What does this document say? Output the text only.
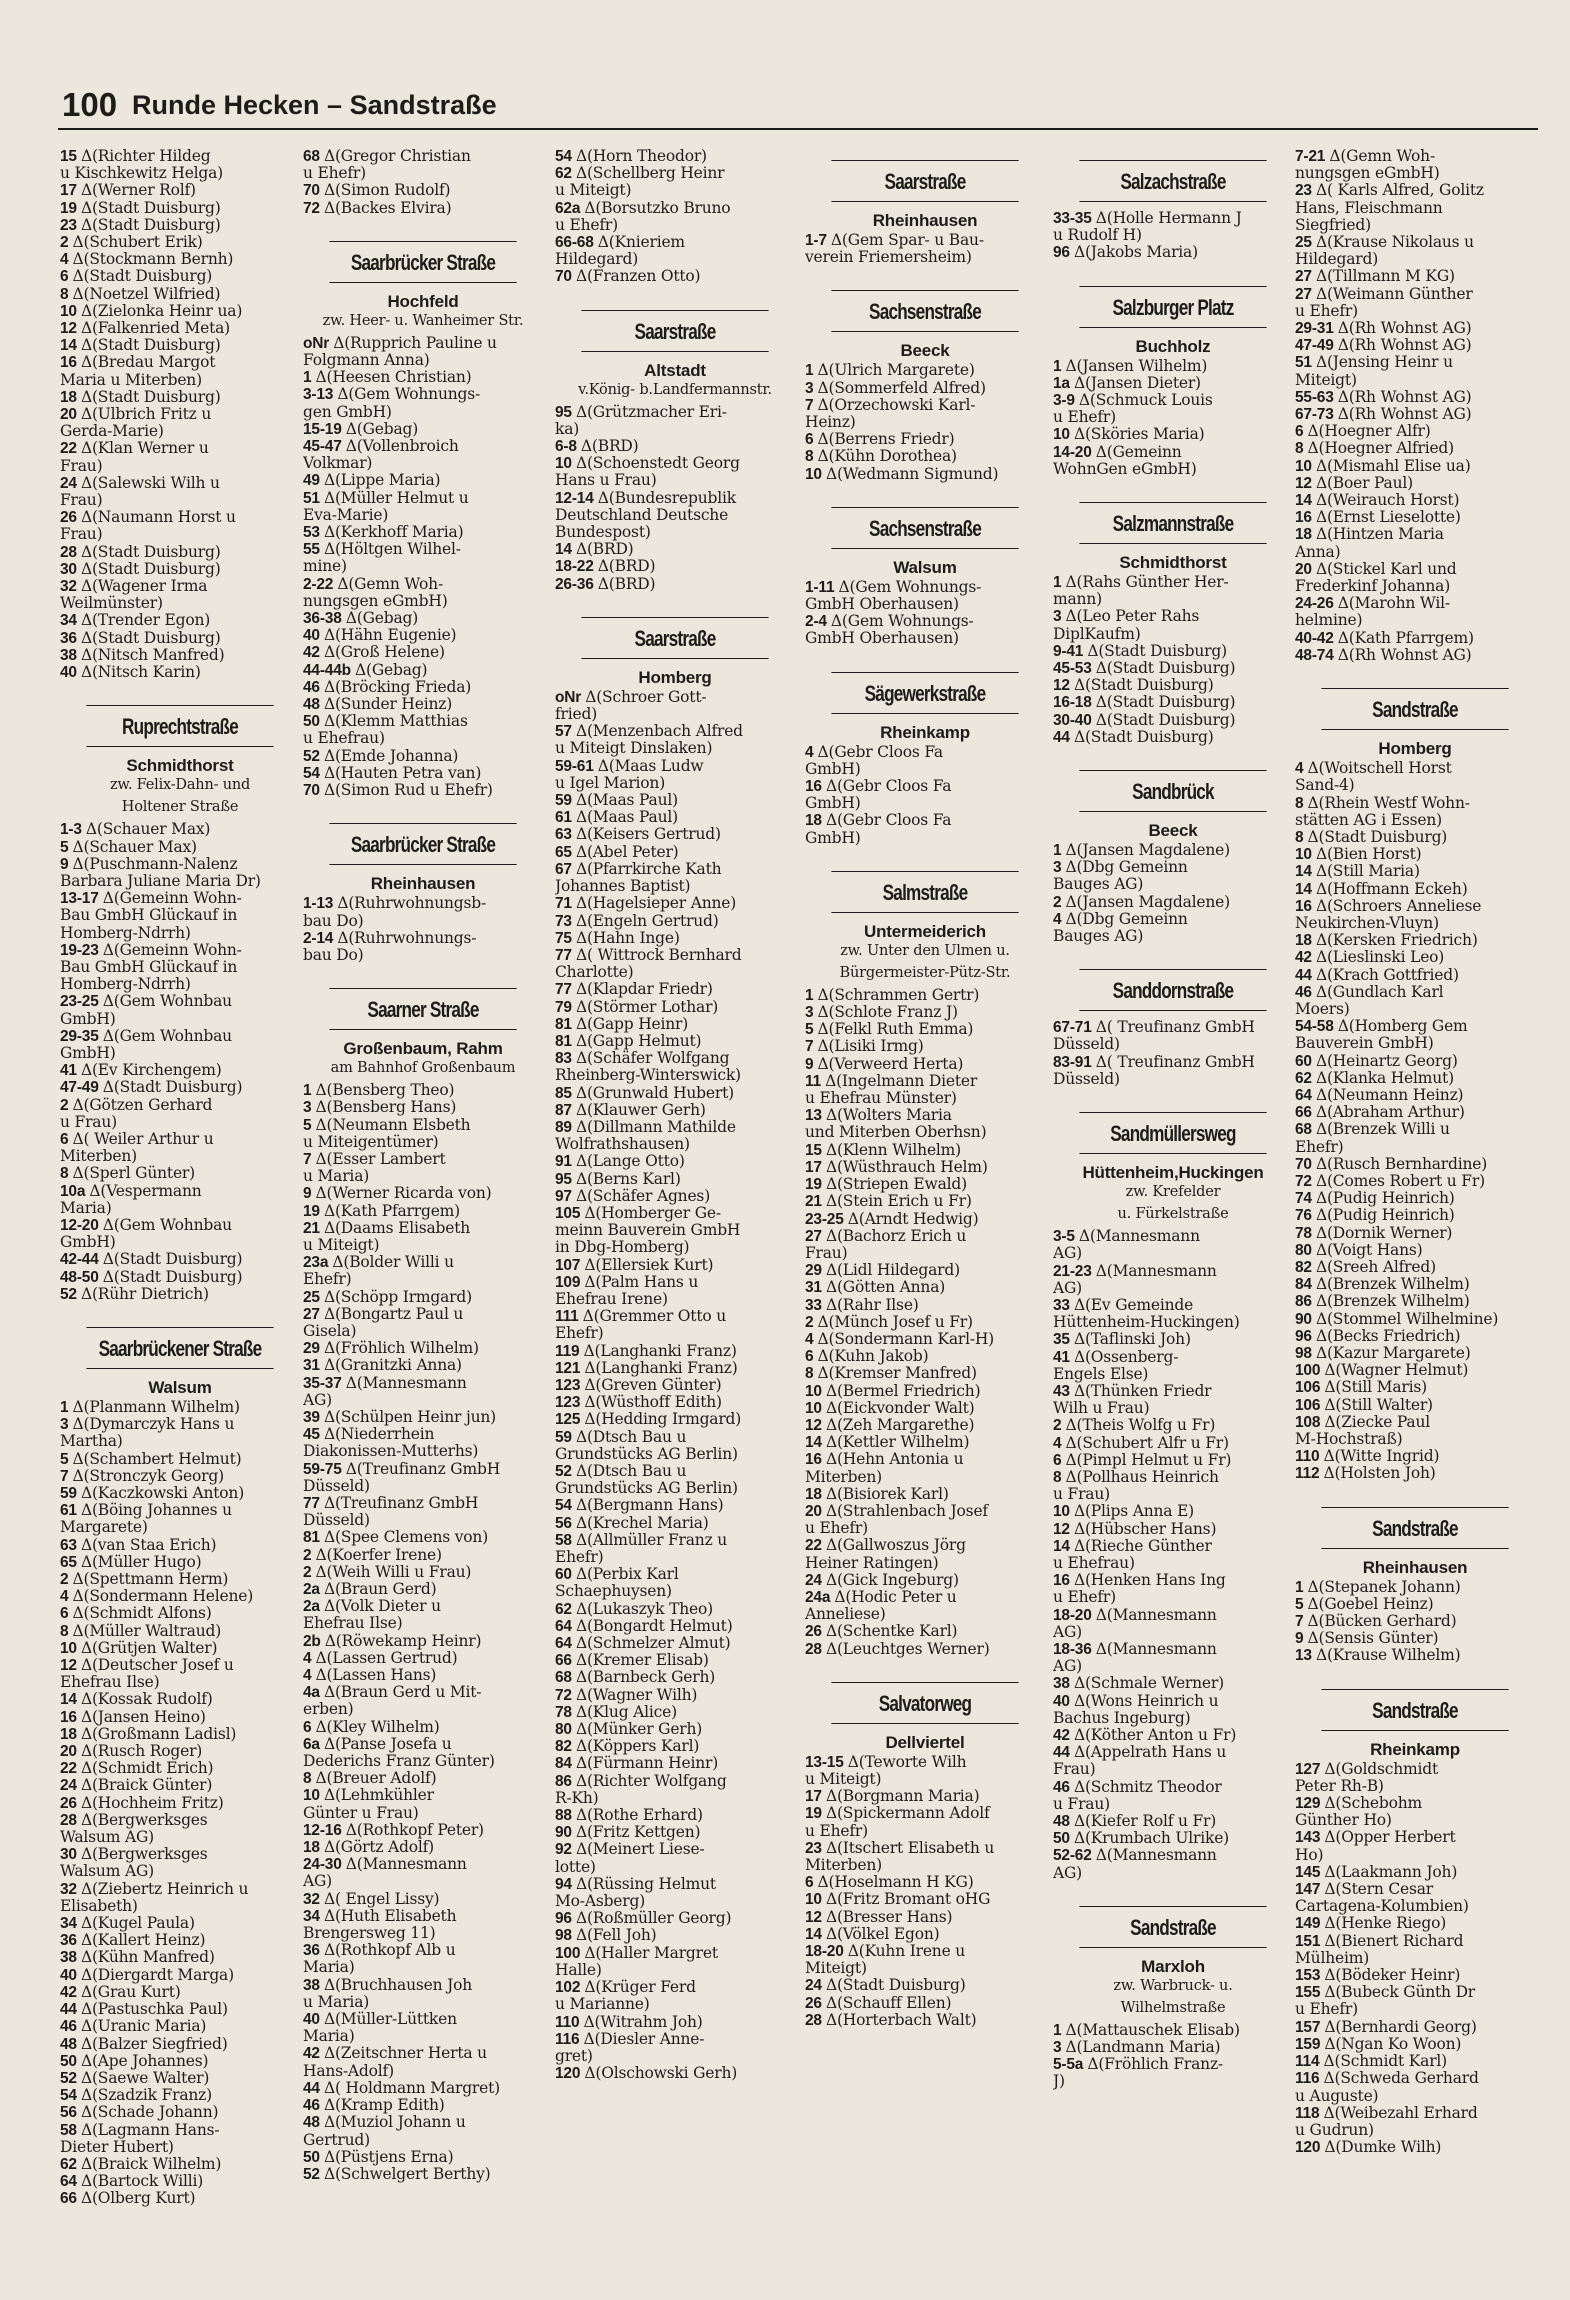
100 Runde Hecken – Sandstraße
15 Δ(Richter Hildeg
u Kischkewitz Helga)
17 Δ(Werner Rolf)
19 Δ(Stadt Duisburg)
23 Δ(Stadt Duisburg)
2 Δ(Schubert Erik)
4 Δ(Stockmann Bernh)
6 Δ(Stadt Duisburg)
8 Δ(Noetzel Wilfried)
10 Δ(Zielonka Heinr ua)
12 Δ(Falkenried Meta)
14 Δ(Stadt Duisburg)
16 Δ(Bredau Margot
Maria u Miterben)
18 Δ(Stadt Duisburg)
20 Δ(Ulbrich Fritz u
Gerda-Marie)
22 Δ(Klan Werner u
Frau)
24 Δ(Salewski Wilh u
Frau)
26 Δ(Naumann Horst u
Frau)
28 Δ(Stadt Duisburg)
30 Δ(Stadt Duisburg)
32 Δ(Wagener Irma
Weilmünster)
34 Δ(Trender Egon)
36 Δ(Stadt Duisburg)
38 Δ(Nitsch Manfred)
40 Δ(Nitsch Karin)
Ruprechtstraße
Schmidthorst
zw. Felix-Dahn- und
Holtener Straße
1-3 Δ(Schauer Max)
5 Δ(Schauer Max)
9 Δ(Puschmann-Nalenz
Barbara Juliane Maria Dr)
13-17 Δ(Gemeinn Wohn-
Bau GmbH Glückauf in
Homberg-Ndrrh)
19-23 Δ(Gemeinn Wohn-
Bau GmbH Glückauf in
Homberg-Ndrrh)
23-25 Δ(Gem Wohnbau
GmbH)
29-35 Δ(Gem Wohnbau
GmbH)
41 Δ(Ev Kirchengem)
47-49 Δ(Stadt Duisburg)
2 Δ(Götzen Gerhard
u Frau)
6 Δ( Weiler Arthur u
Miterben)
8 Δ(Sperl Günter)
10a Δ(Vespermann
Maria)
12-20 Δ(Gem Wohnbau
GmbH)
42-44 Δ(Stadt Duisburg)
48-50 Δ(Stadt Duisburg)
52 Δ(Rühr Dietrich)
Saarbrückener Straße
Walsum
1 Δ(Planmann Wilhelm)
3 Δ(Dymarczyk Hans u
Martha)
5 Δ(Schambert Helmut)
7 Δ(Stronczyk Georg)
59 Δ(Kaczkowski Anton)
61 Δ(Böing Johannes u
Margarete)
63 Δ(van Staa Erich)
65 Δ(Müller Hugo)
2 Δ(Spettmann Herm)
4 Δ(Sondermann Helene)
6 Δ(Schmidt Alfons)
8 Δ(Müller Waltraud)
10 Δ(Grütjen Walter)
12 Δ(Deutscher Josef u
Ehefrau Ilse)
14 Δ(Kossak Rudolf)
16 Δ(Jansen Heino)
18 Δ(Großmann Ladisl)
20 Δ(Rusch Roger)
22 Δ(Schmidt Erich)
24 Δ(Braick Günter)
26 Δ(Hochheim Fritz)
28 Δ(Bergwerksges
Walsum AG)
30 Δ(Bergwerksges
Walsum AG)
32 Δ(Ziebertz Heinrich u
Elisabeth)
34 Δ(Kugel Paula)
36 Δ(Kallert Heinz)
38 Δ(Kühn Manfred)
40 Δ(Diergardt Marga)
42 Δ(Grau Kurt)
44 Δ(Pastuschka Paul)
46 Δ(Uranic Maria)
48 Δ(Balzer Siegfried)
50 Δ(Ape Johannes)
52 Δ(Saewe Walter)
54 Δ(Szadzik Franz)
56 Δ(Schade Johann)
58 Δ(Lagmann Hans-
Dieter Hubert)
62 Δ(Braick Wilhelm)
64 Δ(Bartock Willi)
66 Δ(Olberg Kurt)
68 Δ(Gregor Christian
u Ehefr)
70 Δ(Simon Rudolf)
72 Δ(Backes Elvira)
Saarbrücker Straße
Hochfeld
zw. Heer- u. Wanheimer Str.
oNr Δ(Rupprich Pauline u
Folgmann Anna)
1 Δ(Heesen Christian)
3-13 Δ(Gem Wohnungs-
gen GmbH)
15-19 Δ(Gebag)
45-47 Δ(Vollenbroich
Volkmar)
49 Δ(Lippe Maria)
51 Δ(Müller Helmut u
Eva-Marie)
53 Δ(Kerkhoff Maria)
55 Δ(Höltgen Wilhel-
mine)
2-22 Δ(Gemn Woh-
nungsgen eGmbH)
36-38 Δ(Gebag)
40 Δ(Hähn Eugenie)
42 Δ(Groß Helene)
44-44b Δ(Gebag)
46 Δ(Bröcking Frieda)
48 Δ(Sunder Heinz)
50 Δ(Klemm Matthias
u Ehefrau)
52 Δ(Emde Johanna)
54 Δ(Hauten Petra van)
70 Δ(Simon Rud u Ehefr)
Saarbrücker Straße
Rheinhausen
1-13 Δ(Ruhrwohnungsb-
bau Do)
2-14 Δ(Ruhrwohnungs-
bau Do)
Saarner Straße
Großenbaum, Rahm
am Bahnhof Großenbaum
1 Δ(Bensberg Theo)
3 Δ(Bensberg Hans)
5 Δ(Neumann Elsbeth
u Miteigentümer)
7 Δ(Esser Lambert
u Maria)
9 Δ(Werner Ricarda von)
19 Δ(Kath Pfarrgem)
21 Δ(Daams Elisabeth
u Miteigt)
23a Δ(Bolder Willi u
Ehefr)
25 Δ(Schöpp Irmgard)
27 Δ(Bongartz Paul u
Gisela)
29 Δ(Fröhlich Wilhelm)
31 Δ(Granitzki Anna)
35-37 Δ(Mannesmann
AG)
39 Δ(Schülpen Heinr jun)
45 Δ(Niederrhein
Diakonissen-Mutterhs)
59-75 Δ(Treufinanz GmbH
Düsseld)
77 Δ(Treufinanz GmbH
Düsseld)
81 Δ(Spee Clemens von)
2 Δ(Koerfer Irene)
2 Δ(Weih Willi u Frau)
2a Δ(Braun Gerd)
2a Δ(Volk Dieter u
Ehefrau Ilse)
2b Δ(Röwekamp Heinr)
4 Δ(Lassen Gertrud)
4 Δ(Lassen Hans)
4a Δ(Braun Gerd u Mit-
erben)
6 Δ(Kley Wilhelm)
6a Δ(Panse Josefa u
Dederichs Franz Günter)
8 Δ(Breuer Adolf)
10 Δ(Lehmkühler
Günter u Frau)
12-16 Δ(Rothkopf Peter)
18 Δ(Görtz Adolf)
24-30 Δ(Mannesmann
AG)
32 Δ( Engel Lissy)
34 Δ(Huth Elisabeth
Brengersweg 11)
36 Δ(Rothkopf Alb u
Maria)
38 Δ(Bruchhausen Joh
u Maria)
40 Δ(Müller-Lüttken
Maria)
42 Δ(Zeitschner Herta u
Hans-Adolf)
44 Δ( Holdmann Margret)
46 Δ(Kramp Edith)
48 Δ(Muziol Johann u
Gertrud)
50 Δ(Püstjens Erna)
52 Δ(Schwelgert Berthy)
54 Δ(Horn Theodor)
62 Δ(Schellberg Heinr
u Miteigt)
62a Δ(Borsutzko Bruno
u Ehefr)
66-68 Δ(Knieriem
Hildegard)
70 Δ(Franzen Otto)
Saarstraße
Altstadt
v.König- b.Landfermannstr.
95 Δ(Grützmacher Eri-
ka)
6-8 Δ(BRD)
10 Δ(Schoenstedt Georg
Hans u Frau)
12-14 Δ(Bundesrepublik
Deutschland Deutsche
Bundespost)
14 Δ(BRD)
18-22 Δ(BRD)
26-36 Δ(BRD)
Saarstraße
Homberg
oNr Δ(Schroer Gott-
fried)
57 Δ(Menzenbach Alfred
u Miteigt Dinslaken)
59-61 Δ(Maas Ludw
u Igel Marion)
59 Δ(Maas Paul)
61 Δ(Maas Paul)
63 Δ(Keisers Gertrud)
65 Δ(Abel Peter)
67 Δ(Pfarrkirche Kath
Johannes Baptist)
71 Δ(Hagelsieper Änne)
73 Δ(Engeln Gertrud)
75 Δ(Hahn Inge)
77 Δ( Wittrock Bernhard
Charlotte)
77 Δ(Klapdar Friedr)
79 Δ(Störmer Lothar)
81 Δ(Gapp Heinr)
81 Δ(Gapp Helmut)
83 Δ(Schäfer Wolfgang
Rheinberg-Winterswick)
85 Δ(Grunwald Hubert)
87 Δ(Klauwer Gerh)
89 Δ(Dillmann Mathilde
Wolfrathshausen)
91 Δ(Lange Otto)
95 Δ(Berns Karl)
97 Δ(Schäfer Agnes)
105 Δ(Homberger Ge-
meinn Bauverein GmbH
in Dbg-Homberg)
107 Δ(Ellersiek Kurt)
109 Δ(Palm Hans u
Ehefrau Irene)
111 Δ(Gremmer Otto u
Ehefr)
119 Δ(Langhanki Franz)
121 Δ(Langhanki Franz)
123 Δ(Greven Günter)
123 Δ(Wüsthoff Edith)
125 Δ(Hedding Irmgard)
59 Δ(Dtsch Bau u
Grundstücks AG Berlin)
52 Δ(Dtsch Bau u
Grundstücks AG Berlin)
54 Δ(Bergmann Hans)
56 Δ(Krechel Maria)
58 Δ(Allmüller Franz u
Ehefr)
60 Δ(Perbix Karl
Schaephuysen)
62 Δ(Lukaszyk Theo)
64 Δ(Bongardt Helmut)
64 Δ(Schmelzer Almut)
66 Δ(Kremer Elisab)
68 Δ(Barnbeck Gerh)
72 Δ(Wagner Wilh)
78 Δ(Klug Alice)
80 Δ(Münker Gerh)
82 Δ(Köppers Karl)
84 Δ(Fürmann Heinr)
86 Δ(Richter Wolfgang
R-Kh)
88 Δ(Rothe Erhard)
90 Δ(Fritz Kettgen)
92 Δ(Meinert Liese-
lotte)
94 Δ(Rüssing Helmut
Mo-Asberg)
96 Δ(Roßmüller Georg)
98 Δ(Fell Joh)
100 Δ(Haller Margret
Halle)
102 Δ(Krüger Ferd
u Marianne)
110 Δ(Witrahm Joh)
116 Δ(Diesler Anne-
gret)
120 Δ(Olschowski Gerh)
Saarstraße
Rheinhausen
1-7 Δ(Gem Spar- u Bau-
verein Friemersheim)
Sachsenstraße
Beeck
1 Δ(Ulrich Margarete)
3 Δ(Sommerfeld Alfred)
7 Δ(Orzechowski Karl-
Heinz)
6 Δ(Berrens Friedr)
8 Δ(Kühn Dorothea)
10 Δ(Wedmann Sigmund)
Sachsenstraße
Walsum
1-11 Δ(Gem Wohnungs-
GmbH Oberhausen)
2-4 Δ(Gem Wohnungs-
GmbH Oberhausen)
Sägewerkstraße
Rheinkamp
4 Δ(Gebr Cloos Fa
GmbH)
16 Δ(Gebr Cloos Fa
GmbH)
18 Δ(Gebr Cloos Fa
GmbH)
Salmstraße
Untermeiderich
zw. Unter den Ulmen u.
Bürgermeister-Pütz-Str.
1 Δ(Schrammen Gertr)
3 Δ(Schlote Franz J)
5 Δ(Felkl Ruth Emma)
7 Δ(Lisiki Irmg)
9 Δ(Verweerd Herta)
11 Δ(Ingelmann Dieter
u Ehefrau Münster)
13 Δ(Wolters Maria
und Miterben Oberhsn)
15 Δ(Klenn Wilhelm)
17 Δ(Wüsthrauch Helm)
19 Δ(Striepen Ewald)
21 Δ(Stein Erich u Fr)
23-25 Δ(Arndt Hedwig)
27 Δ(Bachorz Erich u
Frau)
29 Δ(Lidl Hildegard)
31 Δ(Götten Anna)
33 Δ(Rahr Ilse)
2 Δ(Münch Josef u Fr)
4 Δ(Sondermann Karl-H)
6 Δ(Kuhn Jakob)
8 Δ(Kremser Manfred)
10 Δ(Bermel Friedrich)
10 Δ(Eickvonder Walt)
12 Δ(Zeh Margarethe)
14 Δ(Kettler Wilhelm)
16 Δ(Hehn Antonia u
Miterben)
18 Δ(Bisiorek Karl)
20 Δ(Strahlenbach Josef
u Ehefr)
22 Δ(Gallwoszus Jörg
Heiner Ratingen)
24 Δ(Gick Ingeburg)
24a Δ(Hodic Peter u
Anneliese)
26 Δ(Schentke Karl)
28 Δ(Leuchtges Werner)
Salvatorweg
Dellviertel
13-15 Δ(Teworte Wilh
u Miteigt)
17 Δ(Borgmann Maria)
19 Δ(Spickermann Adolf
u Ehefr)
23 Δ(Itschert Elisabeth u
Miterben)
6 Δ(Hoselmann H KG)
10 Δ(Fritz Bromant oHG
12 Δ(Bresser Hans)
14 Δ(Völkel Egon)
18-20 Δ(Kuhn Irene u
Miteigt)
24 Δ(Stadt Duisburg)
26 Δ(Schauff Ellen)
28 Δ(Horterbach Walt)
Salzachstraße
33-35 Δ(Holle Hermann J
u Rudolf H)
96 Δ(Jakobs Maria)
Salzburger Platz
Buchholz
1 Δ(Jansen Wilhelm)
1a Δ(Jansen Dieter)
3-9 Δ(Schmuck Louis
u Ehefr)
10 Δ(Sköries Maria)
14-20 Δ(Gemeinn
WohnGen eGmbH)
Salzmannstraße
Schmidthorst
1 Δ(Rahs Günther Her-
mann)
3 Δ(Leo Peter Rahs
DiplKaufm)
9-41 Δ(Stadt Duisburg)
45-53 Δ(Stadt Duisburg)
12 Δ(Stadt Duisburg)
16-18 Δ(Stadt Duisburg)
30-40 Δ(Stadt Duisburg)
44 Δ(Stadt Duisburg)
Sandbrück
Beeck
1 Δ(Jansen Magdalene)
3 Δ(Dbg Gemeinn
Bauges AG)
2 Δ(Jansen Magdalene)
4 Δ(Dbg Gemeinn
Bauges AG)
Sanddornstraße
67-71 Δ( Treufinanz GmbH
Düsseld)
83-91 Δ( Treufinanz GmbH
Düsseld)
Sandmüllersweg
Hüttenheim,Huckingen
zw. Krefelder
u. Fürkelstraße
3-5 Δ(Mannesmann
AG)
21-23 Δ(Mannesmann
AG)
33 Δ(Ev Gemeinde
Hüttenheim-Huckingen)
35 Δ(Taflinski Joh)
41 Δ(Ossenberg-
Engels Else)
43 Δ(Thünken Friedr
Wilh u Frau)
2 Δ(Theis Wolfg u Fr)
4 Δ(Schubert Alfr u Fr)
6 Δ(Pimpl Helmut u Fr)
8 Δ(Pollhaus Heinrich
u Frau)
10 Δ(Plips Anna E)
12 Δ(Hübscher Hans)
14 Δ(Rieche Günther
u Ehefrau)
16 Δ(Henken Hans Ing
u Ehefr)
18-20 Δ(Mannesmann
AG)
18-36 Δ(Mannesmann
AG)
38 Δ(Schmale Werner)
40 Δ(Wons Heinrich u
Bachus Ingeburg)
42 Δ(Köther Anton u Fr)
44 Δ(Appelrath Hans u
Frau)
46 Δ(Schmitz Theodor
u Frau)
48 Δ(Kiefer Rolf u Fr)
50 Δ(Krumbach Ulrike)
52-62 Δ(Mannesmann
AG)
Sandstraße
Marxloh
zw. Warbruck- u.
Wilhelmstraße
1 Δ(Mattauschek Elisab)
3 Δ(Landmann Maria)
5-5a Δ(Fröhlich Franz-
J)
7-21 Δ(Gemn Woh-
nungsgen eGmbH)
23 Δ( Karls Alfred, Golitz
Hans, Fleischmann
Siegfried)
25 Δ(Krause Nikolaus u
Hildegard)
27 Δ(Tillmann M KG)
27 Δ(Weimann Günther
u Ehefr)
29-31 Δ(Rh Wohnst AG)
47-49 Δ(Rh Wohnst AG)
51 Δ(Jensing Heinr u
Miteigt)
55-63 Δ(Rh Wohnst AG)
67-73 Δ(Rh Wohnst AG)
6 Δ(Hoegner Alfr)
8 Δ(Hoegner Alfried)
10 Δ(Mismahl Elise ua)
12 Δ(Boer Paul)
14 Δ(Weirauch Horst)
16 Δ(Ernst Lieselotte)
18 Δ(Hintzen Maria
Anna)
20 Δ(Stickel Karl und
Frederkinf Johanna)
24-26 Δ(Marohn Wil-
helmine)
40-42 Δ(Kath Pfarrgem)
48-74 Δ(Rh Wohnst AG)
Sandstraße
Homberg
4 Δ(Woitschell Horst
Sand-4)
8 Δ(Rhein Westf Wohn-
stätten AG i Essen)
8 Δ(Stadt Duisburg)
10 Δ(Bien Horst)
14 Δ(Still Maria)
14 Δ(Hoffmann Eckeh)
16 Δ(Schroers Anneliese
Neukirchen-Vluyn)
18 Δ(Kersken Friedrich)
42 Δ(Lieslinski Leo)
44 Δ(Krach Gottfried)
46 Δ(Gundlach Karl
Moers)
54-58 Δ(Homberg Gem
Bauverein GmbH)
60 Δ(Heinartz Georg)
62 Δ(Klanka Helmut)
64 Δ(Neumann Heinz)
66 Δ(Abraham Arthur)
68 Δ(Brenzek Willi u
Ehefr)
70 Δ(Rusch Bernhardine)
72 Δ(Comes Robert u Fr)
74 Δ(Pudig Heinrich)
76 Δ(Pudig Heinrich)
78 Δ(Dornik Werner)
80 Δ(Voigt Hans)
82 Δ(Sreeh Alfred)
84 Δ(Brenzek Wilhelm)
86 Δ(Brenzek Wilhelm)
90 Δ(Stommel Wilhelmine)
96 Δ(Becks Friedrich)
98 Δ(Kazur Margarete)
100 Δ(Wagner Helmut)
106 Δ(Still Maris)
106 Δ(Still Walter)
108 Δ(Ziecke Paul
M-Hochstraß)
110 Δ(Witte Ingrid)
112 Δ(Holsten Joh)
Sandstraße
Rheinhausen
1 Δ(Stepanek Johann)
5 Δ(Goebel Heinz)
7 Δ(Bücken Gerhard)
9 Δ(Sensis Günter)
13 Δ(Krause Wilhelm)
Sandstraße
Rheinkamp
127 Δ(Goldschmidt
Peter Rh-B)
129 Δ(Schebohm
Günther Ho)
143 Δ(Opper Herbert
Ho)
145 Δ(Laakmann Joh)
147 Δ(Stern Cesar
Cartagena-Kolumbien)
149 Δ(Henke Riego)
151 Δ(Bienert Richard
Mülheim)
153 Δ(Bödeker Heinr)
155 Δ(Bubeck Günth Dr
u Ehefr)
157 Δ(Bernhardi Georg)
159 Δ(Ngan Ko Woon)
114 Δ(Schmidt Karl)
116 Δ(Schweda Gerhard
u Auguste)
118 Δ(Weibezahl Erhard
u Gudrun)
120 Δ(Dumke Wilh)
